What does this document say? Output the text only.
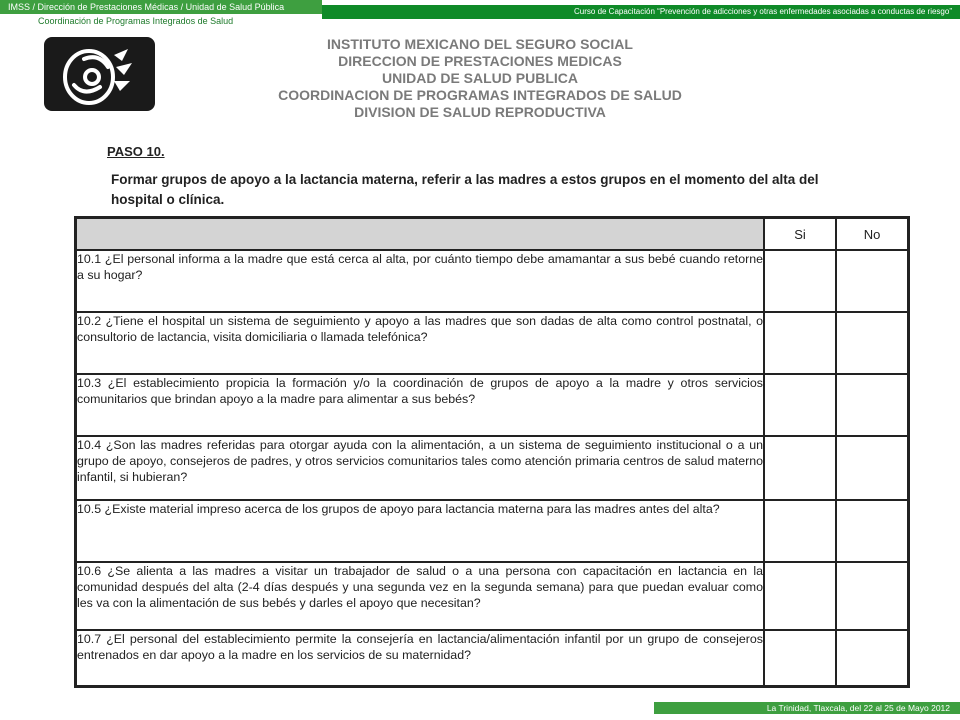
IMSS / Dirección de Prestaciones Médicas / Unidad de Salud Pública	Curso de Capacitación “Prevención de adicciones y otras enfermedades asociadas a conductas de riesgo”
Coordinación de Programas Integrados de Salud
INSTITUTO MEXICANO DEL SEGURO SOCIAL
DIRECCION DE PRESTACIONES MEDICAS
UNIDAD DE SALUD PUBLICA
COORDINACION DE PROGRAMAS INTEGRADOS DE SALUD
DIVISION DE SALUD REPRODUCTIVA
PASO 10.
Formar grupos de apoyo a la lactancia materna, referir a las madres a estos grupos en el momento del alta del hospital o clínica.
	Si	No
10.1 ¿El personal informa a la madre que está cerca al alta, por cuánto tiempo debe amamantar a sus bebé cuando retorne a su hogar?		
10.2 ¿Tiene el hospital un sistema de seguimiento y apoyo a las madres que son dadas de alta como control postnatal, o consultorio de lactancia, visita domiciliaria o llamada telefónica?		
10.3 ¿El establecimiento propicia la formación y/o la coordinación de grupos de apoyo a la madre y otros servicios comunitarios que brindan apoyo a la madre para alimentar a sus bebés?		
10.4 ¿Son las madres referidas para otorgar ayuda con la alimentación, a un sistema de seguimiento institucional o a un grupo de apoyo, consejeros de padres, y otros servicios comunitarios tales como atención primaria centros de salud materno infantil, si hubieran?		
10.5 ¿Existe material impreso acerca de los grupos de apoyo para lactancia materna para las madres antes del alta?		
10.6 ¿Se alienta a las madres a visitar un trabajador de salud o a una persona con capacitación en lactancia en la comunidad después del alta (2-4 días después y una segunda vez en la segunda semana) para que puedan evaluar como les va con la alimentación de sus bebés y darles el apoyo que necesitan?		
10.7 ¿El personal del establecimiento permite la consejería en lactancia/alimentación infantil por un grupo de consejeros entrenados en dar apoyo a la madre en los servicios de su maternidad?		
La Trinidad, Tlaxcala, del 22 al 25 de Mayo 2012
